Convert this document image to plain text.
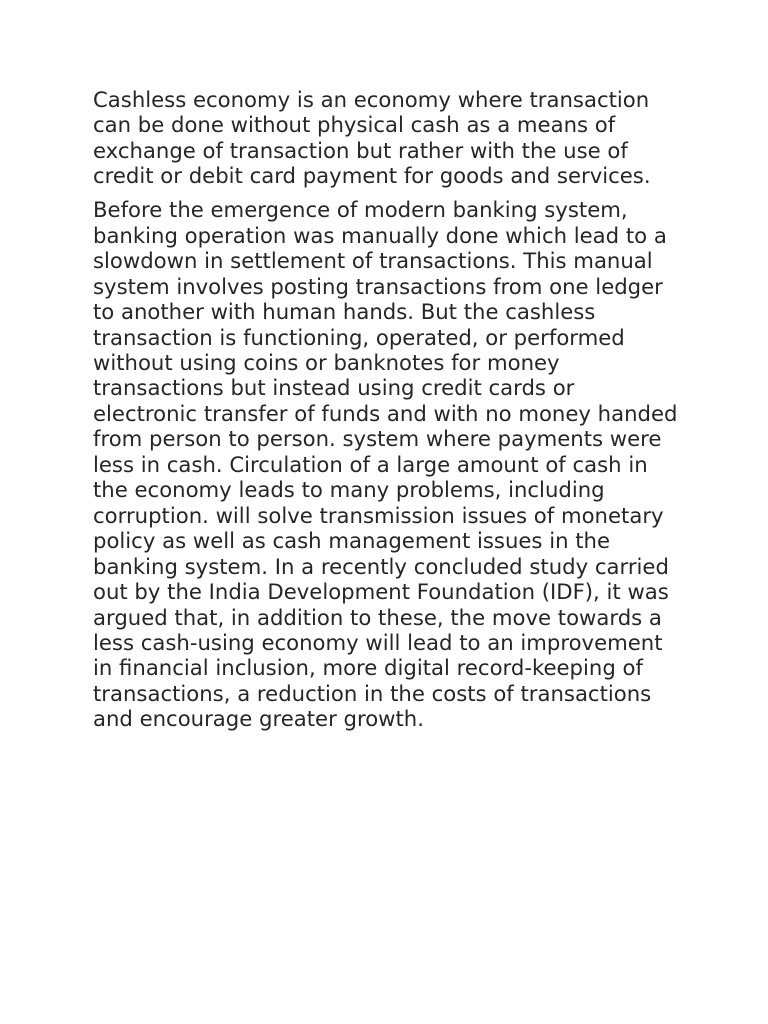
Cashless economy is an economy where transaction can be done without physical cash as a means of exchange of transaction but rather with the use of credit or debit card payment for goods and services.

Before the emergence of modern banking system, banking operation was manually done which lead to a slowdown in settlement of transactions. This manual system involves posting transactions from one ledger to another with human hands. But the cashless transaction is functioning, operated, or performed without using coins or banknotes for money transactions but instead using credit cards or electronic transfer of funds and with no money handed from person to person. system where payments were less in cash. Circulation of a large amount of cash in the economy leads to many problems, including corruption. will solve transmission issues of monetary policy as well as cash management issues in the banking system. In a recently concluded study carried out by the India Development Foundation (IDF), it was argued that, in addition to these, the move towards a less cash-using economy will lead to an improvement in financial inclusion, more digital record-keeping of transactions, a reduction in the costs of transactions and encourage greater growth.
